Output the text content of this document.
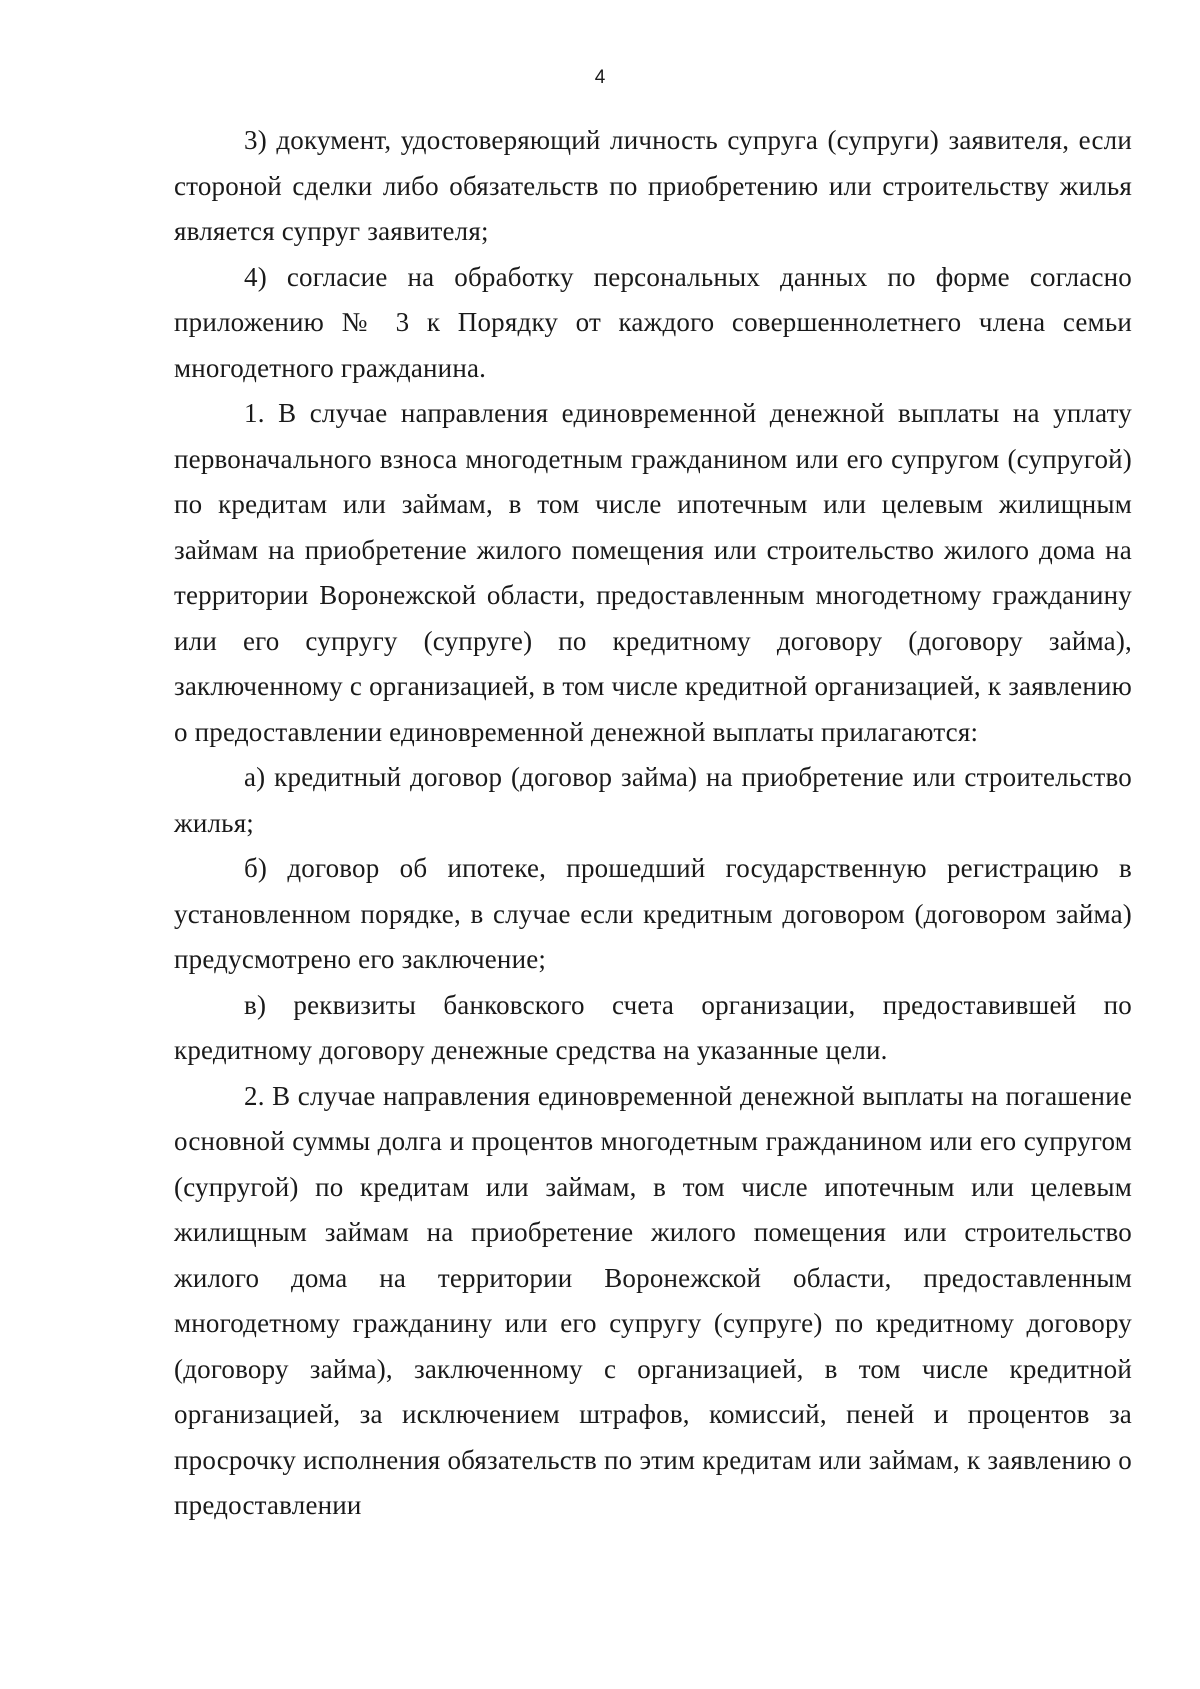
4

3) документ, удостоверяющий личность супруга (супруги) заявителя, если стороной сделки либо обязательств по приобретению или строительству жилья является супруг заявителя;

4) согласие на обработку персональных данных по форме согласно приложению № 3 к Порядку от каждого совершеннолетнего члена семьи многодетного гражданина.

1. В случае направления единовременной денежной выплаты на уплату первоначального взноса многодетным гражданином или его супругом (супругой) по кредитам или займам, в том числе ипотечным или целевым жилищным займам на приобретение жилого помещения или строительство жилого дома на территории Воронежской области, предоставленным многодетному гражданину или его супругу (супруге) по кредитному договору (договору займа), заключенному с организацией, в том числе кредитной организацией, к заявлению о предоставлении единовременной денежной выплаты прилагаются:

а) кредитный договор (договор займа) на приобретение или строительство жилья;

б) договор об ипотеке, прошедший государственную регистрацию в установленном порядке, в случае если кредитным договором (договором займа) предусмотрено его заключение;

в) реквизиты банковского счета организации, предоставившей по кредитному договору денежные средства на указанные цели.

2. В случае направления единовременной денежной выплаты на погашение основной суммы долга и процентов многодетным гражданином или его супругом (супругой) по кредитам или займам, в том числе ипотечным или целевым жилищным займам на приобретение жилого помещения или строительство жилого дома на территории Воронежской области, предоставленным многодетному гражданину или его супругу (супруге) по кредитному договору (договору займа), заключенному с организацией, в том числе кредитной организацией, за исключением штрафов, комиссий, пеней и процентов за просрочку исполнения обязательств по этим кредитам или займам, к заявлению о предоставлении
